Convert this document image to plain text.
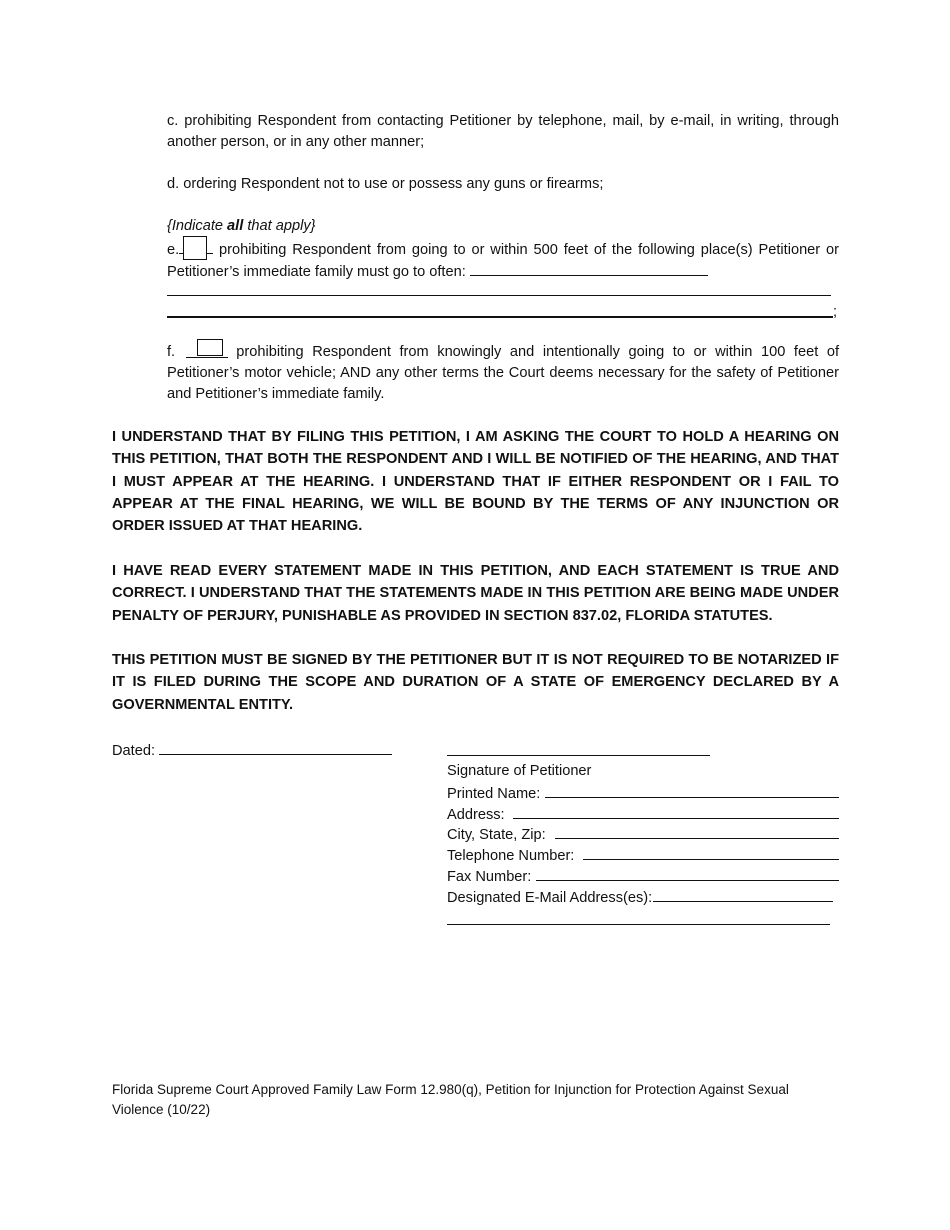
c. prohibiting Respondent from contacting Petitioner by telephone, mail, by e-mail, in writing, through another person, or in any other manner;
d. ordering Respondent not to use or possess any guns or firearms;
{Indicate all that apply}
e.	prohibiting Respondent from going to or within 500 feet of the following place(s) Petitioner or Petitioner’s immediate family must go to often:
;
f.	prohibiting Respondent from knowingly and intentionally going to or within 100 feet of Petitioner’s motor vehicle; AND any other terms the Court deems necessary for the safety of Petitioner and Petitioner’s immediate family.
I UNDERSTAND THAT BY FILING THIS PETITION, I AM ASKING THE COURT TO HOLD A HEARING ON THIS PETITION, THAT BOTH THE RESPONDENT AND I WILL BE NOTIFIED OF THE HEARING, AND THAT I MUST APPEAR AT THE HEARING. I UNDERSTAND THAT IF EITHER RESPONDENT OR I FAIL TO APPEAR AT THE FINAL HEARING, WE WILL BE BOUND BY THE TERMS OF ANY INJUNCTION OR ORDER ISSUED AT THAT HEARING.
I HAVE READ EVERY STATEMENT MADE IN THIS PETITION, AND EACH STATEMENT IS TRUE AND CORRECT. I UNDERSTAND THAT THE STATEMENTS MADE IN THIS PETITION ARE BEING MADE UNDER PENALTY OF PERJURY, PUNISHABLE AS PROVIDED IN SECTION 837.02, FLORIDA STATUTES.
THIS PETITION MUST BE SIGNED BY THE PETITIONER BUT IT IS NOT REQUIRED TO BE NOTARIZED IF IT IS FILED DURING THE SCOPE AND DURATION OF A STATE OF EMERGENCY DECLARED BY A GOVERNMENTAL ENTITY.
Dated:
Signature of Petitioner
Printed Name:
Address:
City, State, Zip:
Telephone Number:
Fax Number:
Designated E-Mail Address(es):
Florida Supreme Court Approved Family Law Form 12.980(q), Petition for Injunction for Protection Against Sexual Violence (10/22)
